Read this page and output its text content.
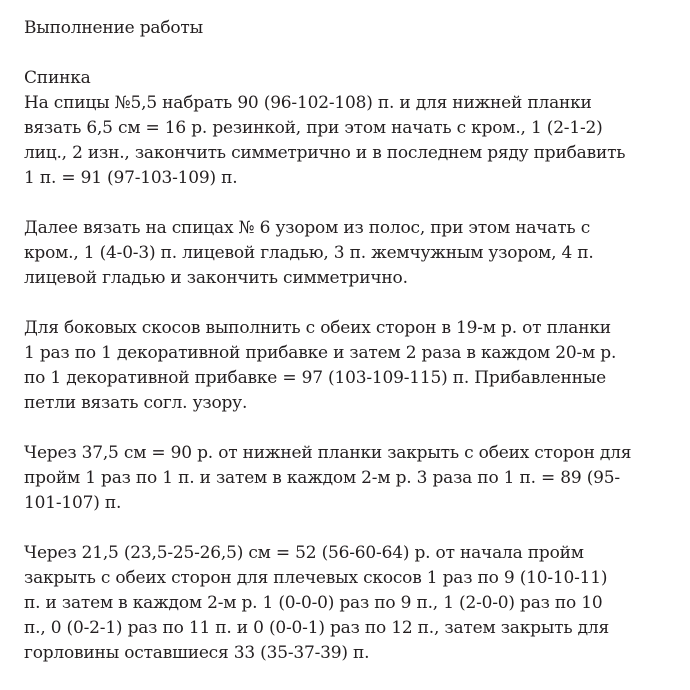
Выполнение работы
Спинка

На спицы №5,5 набрать 90 (96-102-108) п. и для нижней планки
вязать 6,5 см = 16 р. резинкой, при этом начать с кром., 1 (2-1-2)
лиц., 2 изн., закончить симметрично и в последнем ряду прибавить
1 п. = 91 (97-103-109) п.

Далее вязать на спицах № 6 узором из полос, при этом начать с
кром., 1 (4-0-3) п. лицевой гладью, 3 п. жемчужным узором, 4 п.
лицевой гладью и закончить симметрично.

Для боковых скосов выполнить с обеих сторон в 19-м р. от планки
1 раз по 1 декоративной прибавке и затем 2 раза в каждом 20-м р.
по 1 декоративной прибавке = 97 (103-109-115) п. Прибавленные
петли вязать согл. узору.

Через 37,5 см = 90 р. от нижней планки закрыть с обеих сторон для
пройм 1 раз по 1 п. и затем в каждом 2-м р. 3 раза по 1 п. = 89 (95-
101-107) п.

Через 21,5 (23,5-25-26,5) см = 52 (56-60-64) р. от начала пройм
закрыть с обеих сторон для плечевых скосов 1 раз по 9 (10-10-11)
п. и затем в каждом 2-м р. 1 (0-0-0) раз по 9 п., 1 (2-0-0) раз по 10
п., 0 (0-2-1) раз по 11 п. и 0 (0-0-1) раз по 12 п., затем закрыть для
горловины оставшиеся 33 (35-37-39) п.
